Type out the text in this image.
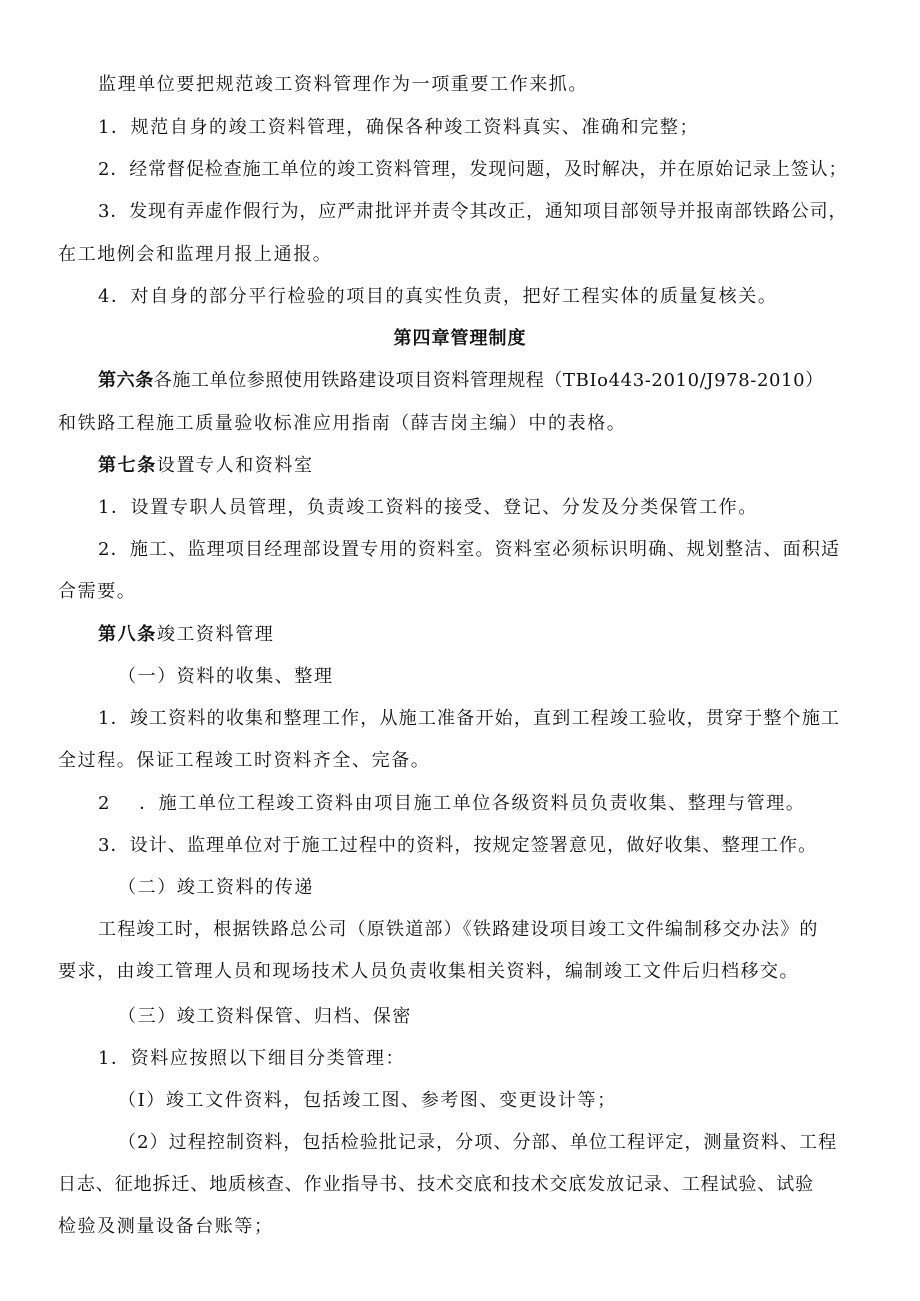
监理单位要把规范竣工资料管理作为一项重要工作来抓。
1．规范自身的竣工资料管理，确保各种竣工资料真实、准确和完整；
2．经常督促检查施工单位的竣工资料管理，发现问题，及时解决，并在原始记录上签认；
3．发现有弄虚作假行为，应严肃批评并责令其改正，通知项目部领导并报南部铁路公司，
在工地例会和监理月报上通报。
4．对自身的部分平行检验的项目的真实性负责，把好工程实体的质量复核关。
第四章管理制度
第六条各施工单位参照使用铁路建设项目资料管理规程（TBIo443-2010/J978-2010）
和铁路工程施工质量验收标准应用指南（薛吉岗主编）中的表格。
第七条设置专人和资料室
1．设置专职人员管理，负责竣工资料的接受、登记、分发及分类保管工作。
2．施工、监理项目经理部设置专用的资料室。资料室必须标识明确、规划整洁、面积适
合需要。
第八条竣工资料管理
（一）资料的收集、整理
1．竣工资料的收集和整理工作，从施工准备开始，直到工程竣工验收，贯穿于整个施工
全过程。保证工程竣工时资料齐全、完备。
2 ．施工单位工程竣工资料由项目施工单位各级资料员负责收集、整理与管理。
3．设计、监理单位对于施工过程中的资料，按规定签署意见，做好收集、整理工作。
（二）竣工资料的传递
工程竣工时，根据铁路总公司（原铁道部）《铁路建设项目竣工文件编制移交办法》的
要求，由竣工管理人员和现场技术人员负责收集相关资料，编制竣工文件后归档移交。
（三）竣工资料保管、归档、保密
1．资料应按照以下细目分类管理：
（I）竣工文件资料，包括竣工图、参考图、变更设计等；
（2）过程控制资料，包括检验批记录，分项、分部、单位工程评定，测量资料、工程
日志、征地拆迁、地质核查、作业指导书、技术交底和技术交底发放记录、工程试验、试验
检验及测量设备台账等；
